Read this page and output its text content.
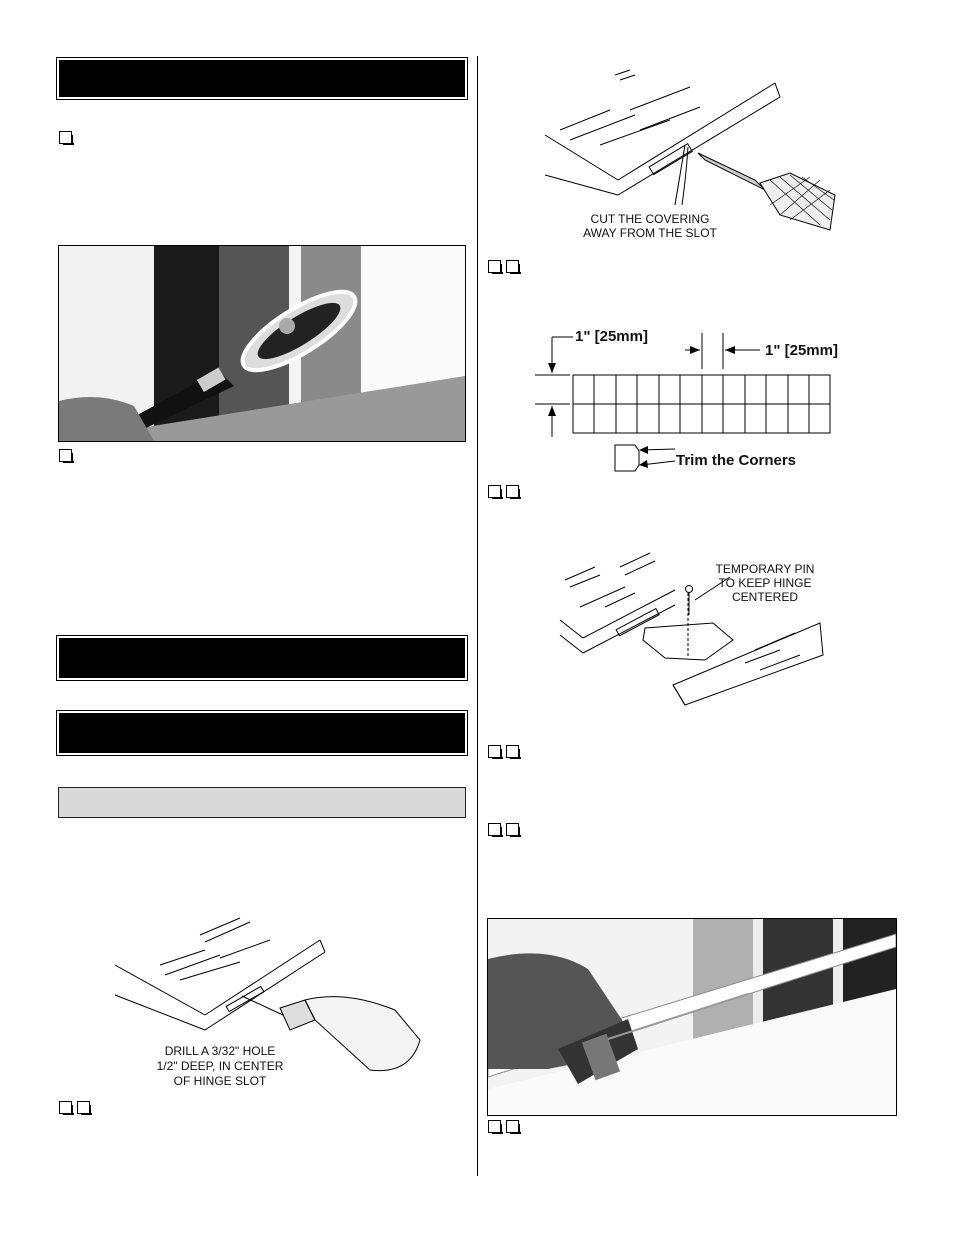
DRILL A 3/32" HOLE
1/2" DEEP, IN CENTER
OF HINGE SLOT
CUT THE COVERING
AWAY FROM THE SLOT
1" [25mm]
1" [25mm]
Trim the Corners
TEMPORARY PIN
TO KEEP HINGE
CENTERED
